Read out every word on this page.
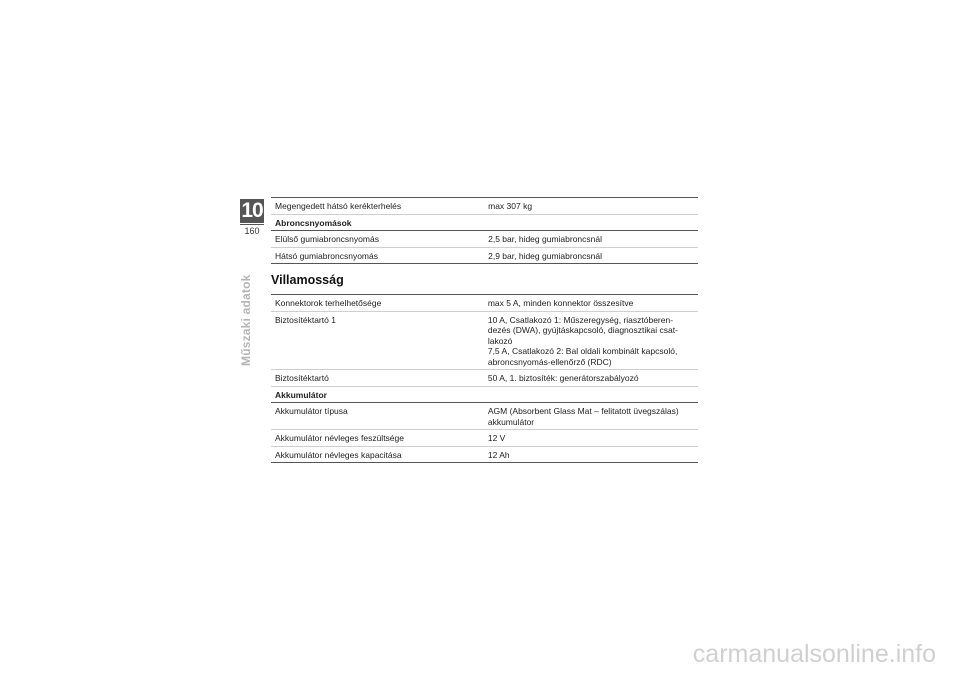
10
160
Műszaki adatok
Megengedett hátsó kerékterhelés	max 307 kg
Abroncsnyomások	
Elülső gumiabroncsnyomás	2,5 bar, hideg gumiabroncsnál
Hátsó gumiabroncsnyomás	2,9 bar, hideg gumiabroncsnál
Villamosság
Konnektorok terhelhetősége	max 5 A, minden konnektor összesítve
Biztosítéktartó 1	10 A, Csatlakozó 1: Műszeregység, riasztóberen-
dezés (DWA), gyújtáskapcsoló, diagnosztikai csat-
lakozó
7,5 A, Csatlakozó 2: Bal oldali kombinált kapcsoló,
abroncsnyomás-ellenőrző (RDC)

Biztosítéktartó	50 A, 1. biztosíték: generátorszabályozó
Akkumulátor	
Akkumulátor típusa	AGM (Absorbent Glass Mat – felitatott üvegszálas)
akkumulátor

Akkumulátor névleges feszültsége	12 V
Akkumulátor névleges kapacitása	12 Ah
carmanualsonline.info
